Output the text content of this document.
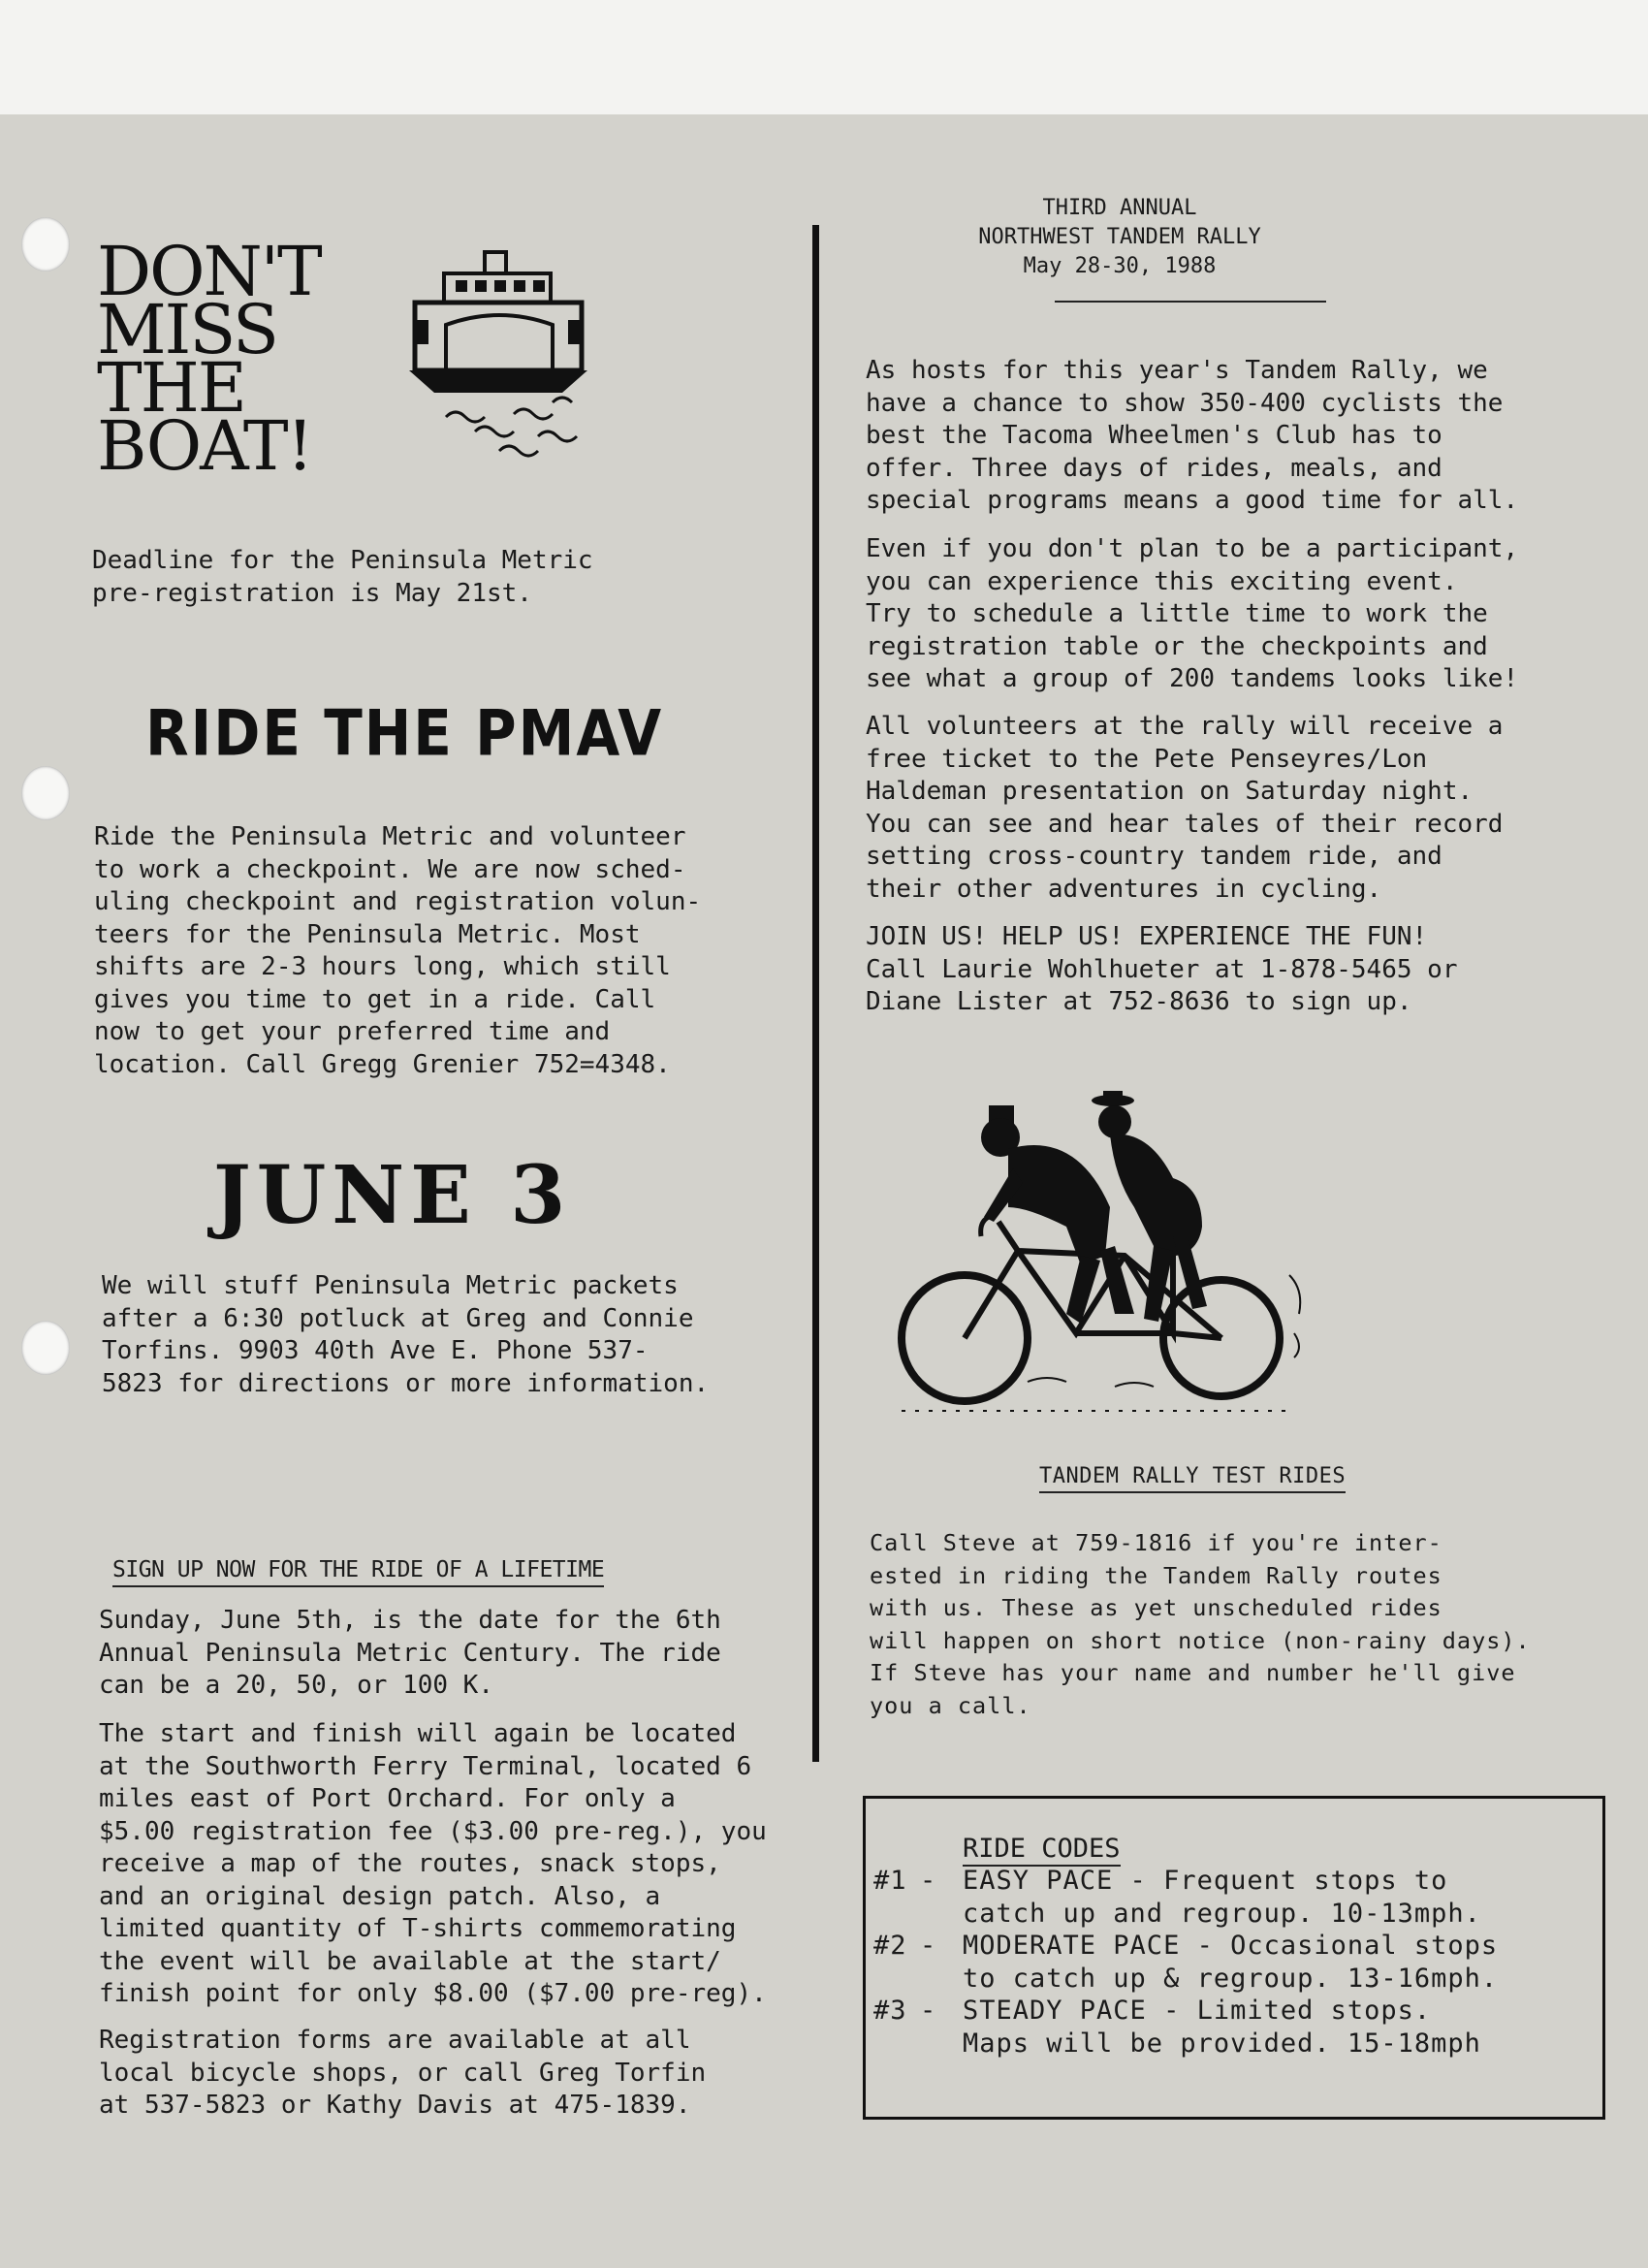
DON'T
MISS
THE
BOAT!

Deadline for the Peninsula Metric
pre-registration is May 21st.

RIDE THE PMAV

Ride the Peninsula Metric and volunteer
to work a checkpoint. We are now sched-
uling checkpoint and registration volun-
teers for the Peninsula Metric. Most
shifts are 2-3 hours long, which still
gives you time to get in a ride. Call
now to get your preferred time and
location. Call Gregg Grenier 752=4348.

JUNE 3

We will stuff Peninsula Metric packets
after a 6:30 potluck at Greg and Connie
Torfins. 9903 40th Ave E. Phone 537-
5823 for directions or more information.

SIGN UP NOW FOR THE RIDE OF A LIFETIME

Sunday, June 5th, is the date for the 6th
Annual Peninsula Metric Century. The ride
can be a 20, 50, or 100 K.

The start and finish will again be located
at the Southworth Ferry Terminal, located 6
miles east of Port Orchard. For only a
$5.00 registration fee ($3.00 pre-reg.), you
receive a map of the routes, snack stops,
and an original design patch. Also, a
limited quantity of T-shirts commemorating
the event will be available at the start/
finish point for only $8.00 ($7.00 pre-reg).

Registration forms are available at all
local bicycle shops, or call Greg Torfin
at 537-5823 or Kathy Davis at 475-1839.

THIRD ANNUAL
NORTHWEST TANDEM RALLY
May 28-30, 1988

As hosts for this year's Tandem Rally, we
have a chance to show 350-400 cyclists the
best the Tacoma Wheelmen's Club has to
offer. Three days of rides, meals, and
special programs means a good time for all.

Even if you don't plan to be a participant,
you can experience this exciting event.
Try to schedule a little time to work the
registration table or the checkpoints and
see what a group of 200 tandems looks like!

All volunteers at the rally will receive a
free ticket to the Pete Penseyres/Lon
Haldeman presentation on Saturday night.
You can see and hear tales of their record
setting cross-country tandem ride, and
their other adventures in cycling.

JOIN US! HELP US! EXPERIENCE THE FUN!
Call Laurie Wohlhueter at 1-878-5465 or
Diane Lister at 752-8636 to sign up.

TANDEM RALLY TEST RIDES

Call Steve at 759-1816 if you're inter-
ested in riding the Tandem Rally routes
with us. These as yet unscheduled rides
will happen on short notice (non-rainy days).
If Steve has your name and number he'll give
you a call.

RIDE CODES
#1 - EASY PACE - Frequent stops to
catch up and regroup. 10-13mph.
#2 - MODERATE PACE - Occasional stops
to catch up & regroup. 13-16mph.
#3 - STEADY PACE - Limited stops.
Maps will be provided. 15-18mph
